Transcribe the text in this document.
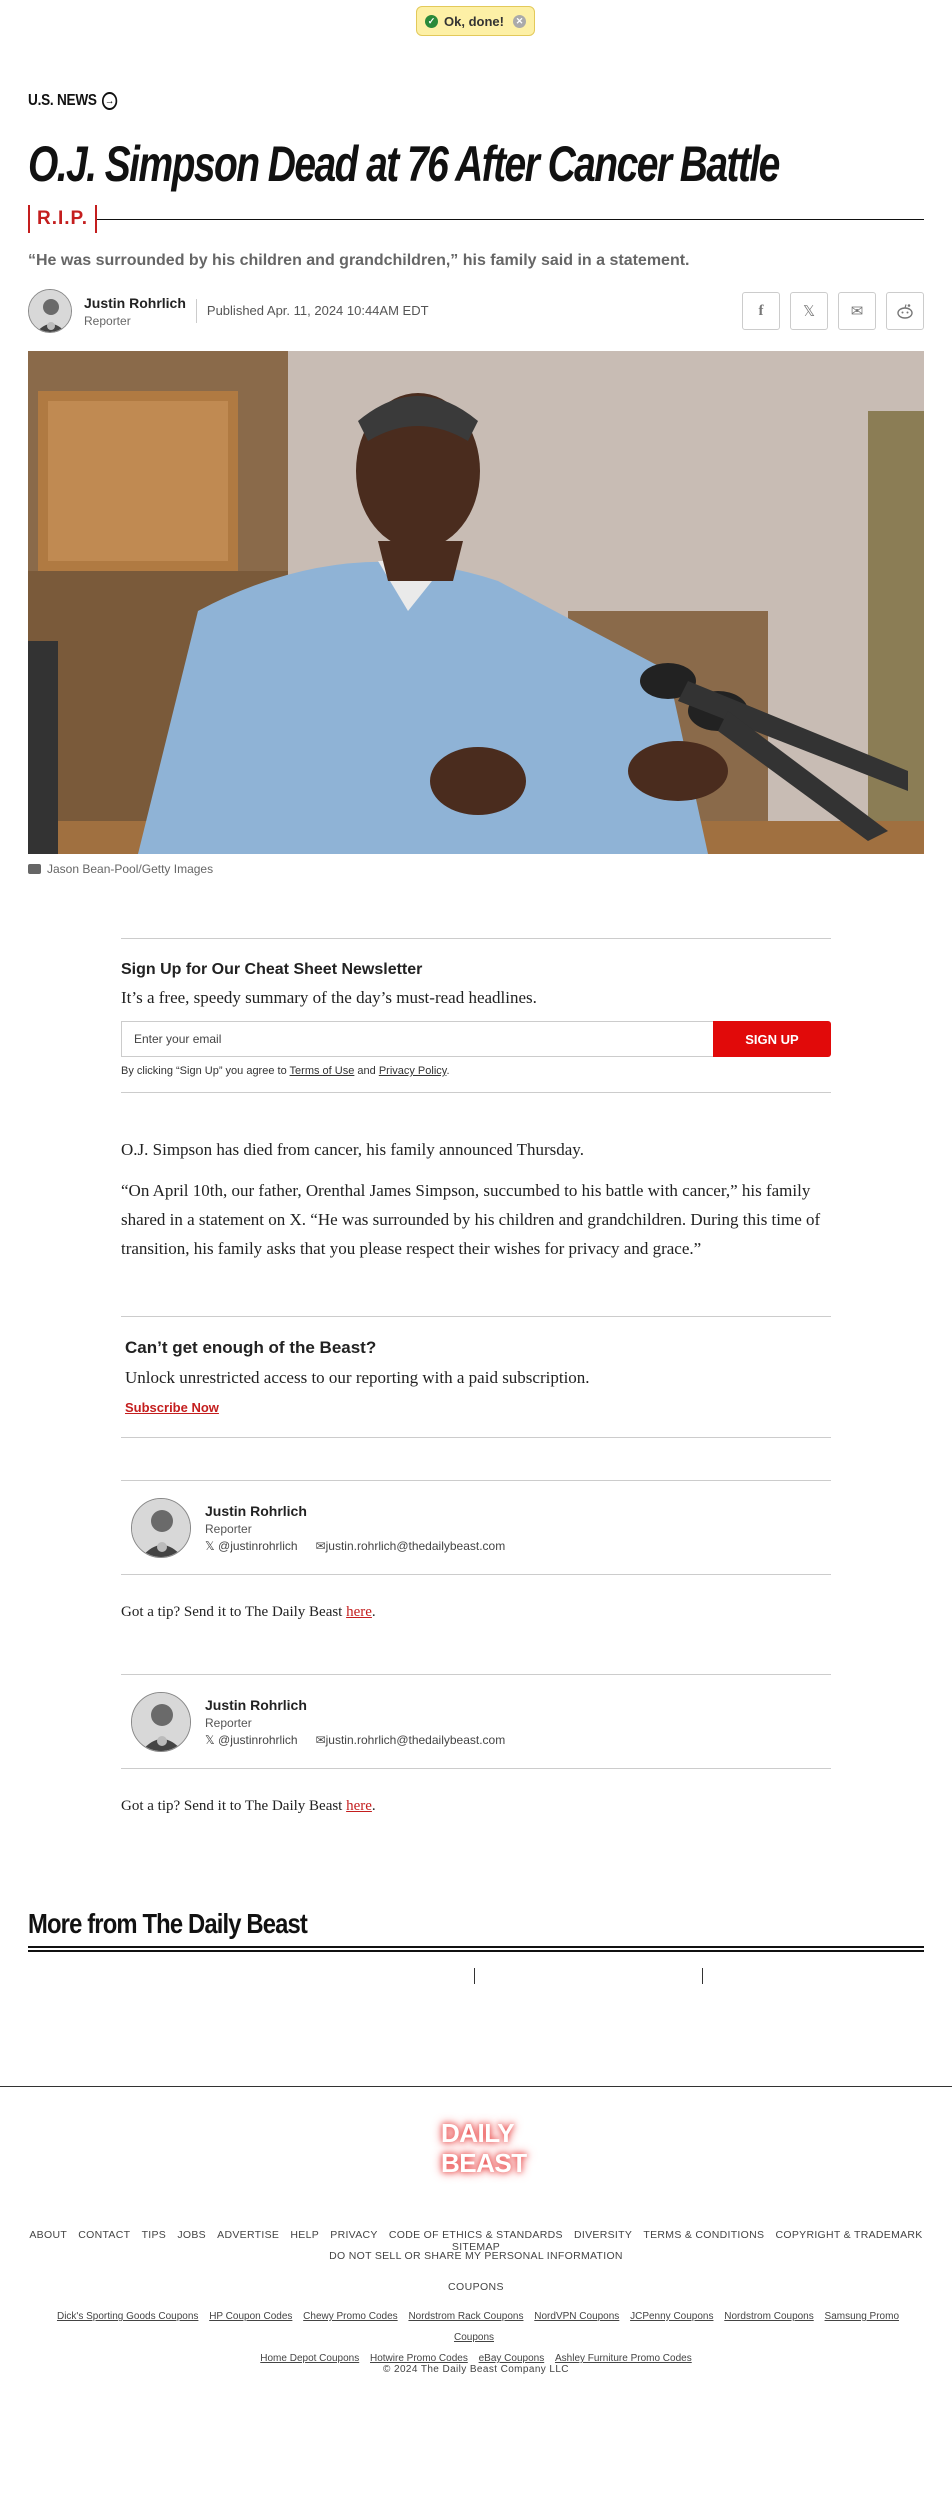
✓ Ok, done!	✕
U.S. NEWS →
O.J. Simpson Dead at 76 After Cancer Battle
R.I.P.

“He was surrounded by his children and grandchildren,” his family said in a statement.

Justin Rohrlich
Reporter
Published Apr. 11, 2024 10:44AM EDT	f	𝕏 ✉
Jason Bean-Pool/Getty Images
Sign Up for Our Cheat Sheet Newsletter
It’s a free, speedy summary of the day’s must-read headlines.
Enter your email	SIGN UP
By clicking “Sign Up” you agree to Terms of Use and Privacy Policy.

O.J. Simpson has died from cancer, his family announced Thursday.

“On April 10th, our father, Orenthal James Simpson, succumbed to his battle with cancer,” his family shared in a statement on X. “He was surrounded by his children and grandchildren. During this time of transition, his family asks that you please respect their wishes for privacy and grace.”

Can’t get enough of the Beast?
Unlock unrestricted access to our reporting with a paid subscription.
Subscribe Now
Justin Rohrlich
Reporter
𝕏 @justinrohrlich ✉justin.rohrlich@thedailybeast.com
Got a tip? Send it to The Daily Beast here.
Justin Rohrlich
Reporter
𝕏 @justinrohrlich ✉justin.rohrlich@thedailybeast.com
Got a tip? Send it to The Daily Beast here.
More from The Daily Beast
DAILY
BEAST
ABOUT CONTACT TIPS JOBS ADVERTISE HELP PRIVACY CODE OF ETHICS & STANDARDS DIVERSITY TERMS & CONDITIONS COPYRIGHT & TRADEMARK SITEMAP
DO NOT SELL OR SHARE MY PERSONAL INFORMATION
COUPONS
Dick's Sporting Goods Coupons HP Coupon Codes Chewy Promo Codes Nordstrom Rack Coupons NordVPN Coupons JCPenny Coupons Nordstrom Coupons Samsung Promo Coupons
Home Depot Coupons Hotwire Promo Codes eBay Coupons Ashley Furniture Promo Codes
© 2024 The Daily Beast Company LLC
